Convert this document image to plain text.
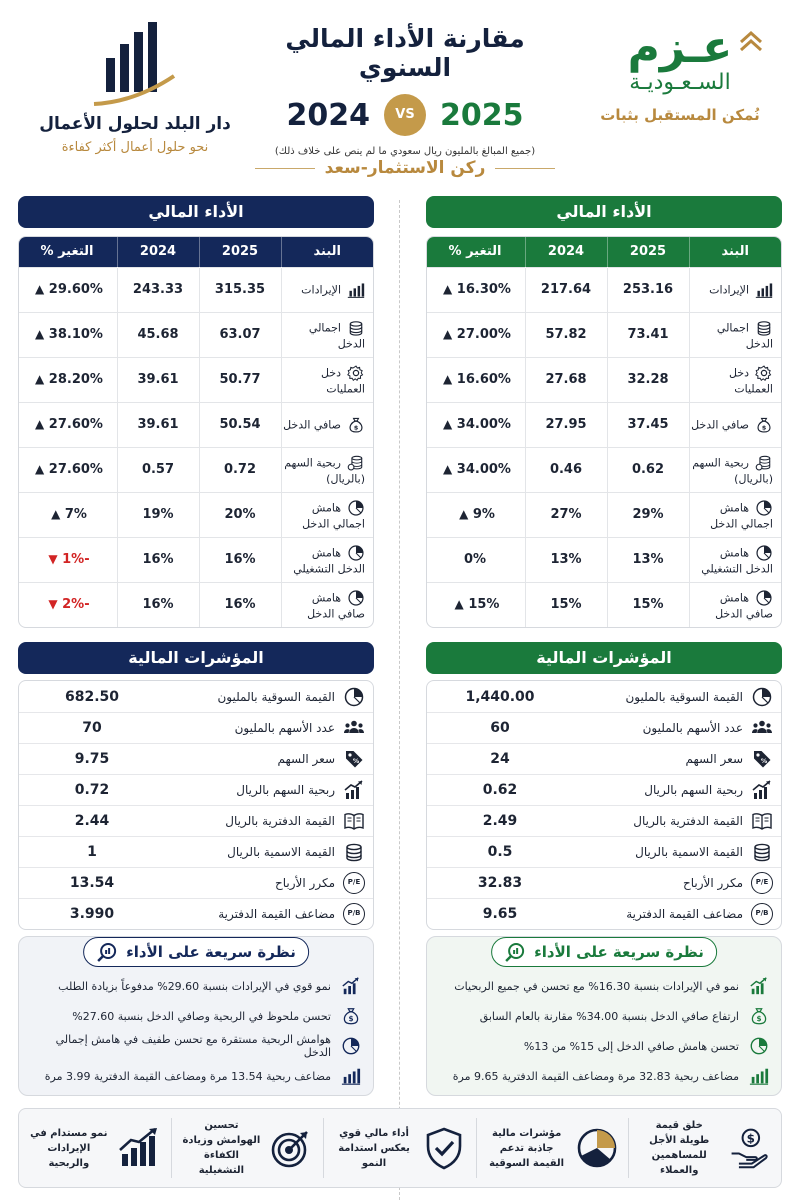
عـزم
السـعـوديـة
نُمكن المستقبل بثبات
مقارنة الأداء المالي السنوي
2024	VS 2025
(جميع المبالغ بالمليون ريال سعودي ما لم ينص على خلاف ذلك)
ركن الاستثمار-سعد
دار البلد لحلول الأعمال
نحو حلول أعمال أكثر كفاءة
الأداء المالي
البند	2025	2024	التغير %
الإيرادات	253.16	217.64	16.30% ▲
اجمالي الدخل	73.41	57.82	27.00% ▲
دخل العمليات	32.28	27.68	16.60% ▲

$
صافي الدخل	37.45	27.95	34.00% ▲
ربحية السهم (بالريال)	0.62	0.46	34.00% ▲
هامش اجمالي الدخل	29%	27%	9% ▲
هامش الدخل التشغيلي	13%	13%	0%
هامش صافي الدخل	15%	15%	15% ▲
المؤشرات المالية
القيمة السوقية بالمليون
1,440.00
عدد الأسهم بالمليون
60
%
سعر السهم
24
ربحية السهم بالريال
0.62
القيمة الدفترية بالريال
2.49
القيمة الاسمية بالريال
0.5
P/E
مكرر الأرباح
32.83
P/B
مضاعف القيمة الدفترية
9.65
نظرة سريعة على الأداء
نمو في الإيرادات بنسبة 16.30% مع تحسن في جميع الربحيات
$
ارتفاع صافي الدخل بنسبة 34.00% مقارنة بالعام السابق
تحسن هامش صافي الدخل إلى 15% من 13%
مضاعف ربحية 32.83 مرة ومضاعف القيمة الدفترية 9.65 مرة
الأداء المالي
البند	2025	2024	التغير %
الإيرادات	315.35	243.33	29.60% ▲
اجمالي الدخل	63.07	45.68	38.10% ▲
دخل العمليات	50.77	39.61	28.20% ▲

$
صافي الدخل	50.54	39.61	27.60% ▲
ربحية السهم (بالريال)	0.72	0.57	27.60% ▲
هامش اجمالي الدخل	20%	19%	7% ▲
هامش الدخل التشغيلي	16%	16%	-1% ▼
هامش صافي الدخل	16%	16%	-2% ▼
المؤشرات المالية
القيمة السوقية بالمليون
682.50
عدد الأسهم بالمليون
70
%
سعر السهم
9.75
ربحية السهم بالريال
0.72
القيمة الدفترية بالريال
2.44
القيمة الاسمية بالريال
1
P/E
مكرر الأرباح
13.54
P/B
مضاعف القيمة الدفترية
3.990
نظرة سريعة على الأداء
نمو قوي في الإيرادات بنسبة 29.60% مدفوعاً بزيادة الطلب
$
تحسن ملحوظ في الربحية وصافي الدخل بنسبة 27.60%
هوامش الربحية مستقرة مع تحسن طفيف في هامش إجمالي الدخل
مضاعف ربحية 13.54 مرة ومضاعف القيمة الدفترية 3.99 مرة
$
خلق قيمة طويلة الأجل للمساهمين والعملاء
مؤشرات مالية جاذبة تدعم القيمة السوقية
أداء مالي قوي يعكس استدامة النمو
تحسين الهوامش وزيادة الكفاءة التشغيلية
نمو مستدام في الإيرادات والربحية
